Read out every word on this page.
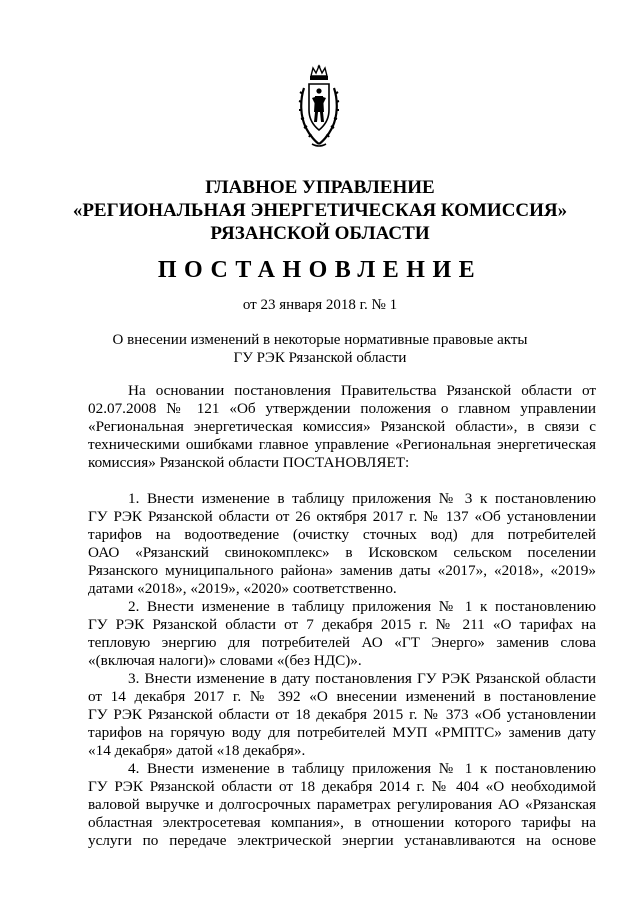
ГЛАВНОЕ УПРАВЛЕНИЕ
«РЕГИОНАЛЬНАЯ ЭНЕРГЕТИЧЕСКАЯ КОМИССИЯ»
РЯЗАНСКОЙ ОБЛАСТИ
ПОСТАНОВЛЕНИЕ
от 23 января 2018 г. № 1
О внесении изменений в некоторые нормативные правовые акты
ГУ РЭК Рязанской области
На основании постановления Правительства Рязанской области от
02.07.2008 № 121 «Об утверждении положения о главном управлении
«Региональная энергетическая комиссия» Рязанской области», в связи с
техническими ошибками главное управление «Региональная энергетическая
комиссия» Рязанской области ПОСТАНОВЛЯЕТ:
1. Внести изменение в таблицу приложения № 3 к постановлению
ГУ РЭК Рязанской области от 26 октября 2017 г. № 137 «Об установлении
тарифов на водоотведение (очистку сточных вод) для потребителей
ОАО «Рязанский свинокомплекс» в Исковском сельском поселении
Рязанского муниципального района» заменив даты «2017», «2018», «2019»
датами «2018», «2019», «2020» соответственно.
2. Внести изменение в таблицу приложения № 1 к постановлению
ГУ РЭК Рязанской области от 7 декабря 2015 г. № 211 «О тарифах на
тепловую энергию для потребителей АО «ГТ Энерго» заменив слова
«(включая налоги)» словами «(без НДС)».
3. Внести изменение в дату постановления ГУ РЭК Рязанской области
от 14 декабря 2017 г. № 392 «О внесении изменений в постановление
ГУ РЭК Рязанской области от 18 декабря 2015 г. № 373 «Об установлении
тарифов на горячую воду для потребителей МУП «РМПТС» заменив дату
«14 декабря» датой «18 декабря».
4. Внести изменение в таблицу приложения № 1 к постановлению
ГУ РЭК Рязанской области от 18 декабря 2014 г. № 404 «О необходимой
валовой выручке и долгосрочных параметрах регулирования АО «Рязанская
областная электросетевая компания», в отношении которого тарифы на
услуги по передаче электрической энергии устанавливаются на основе
